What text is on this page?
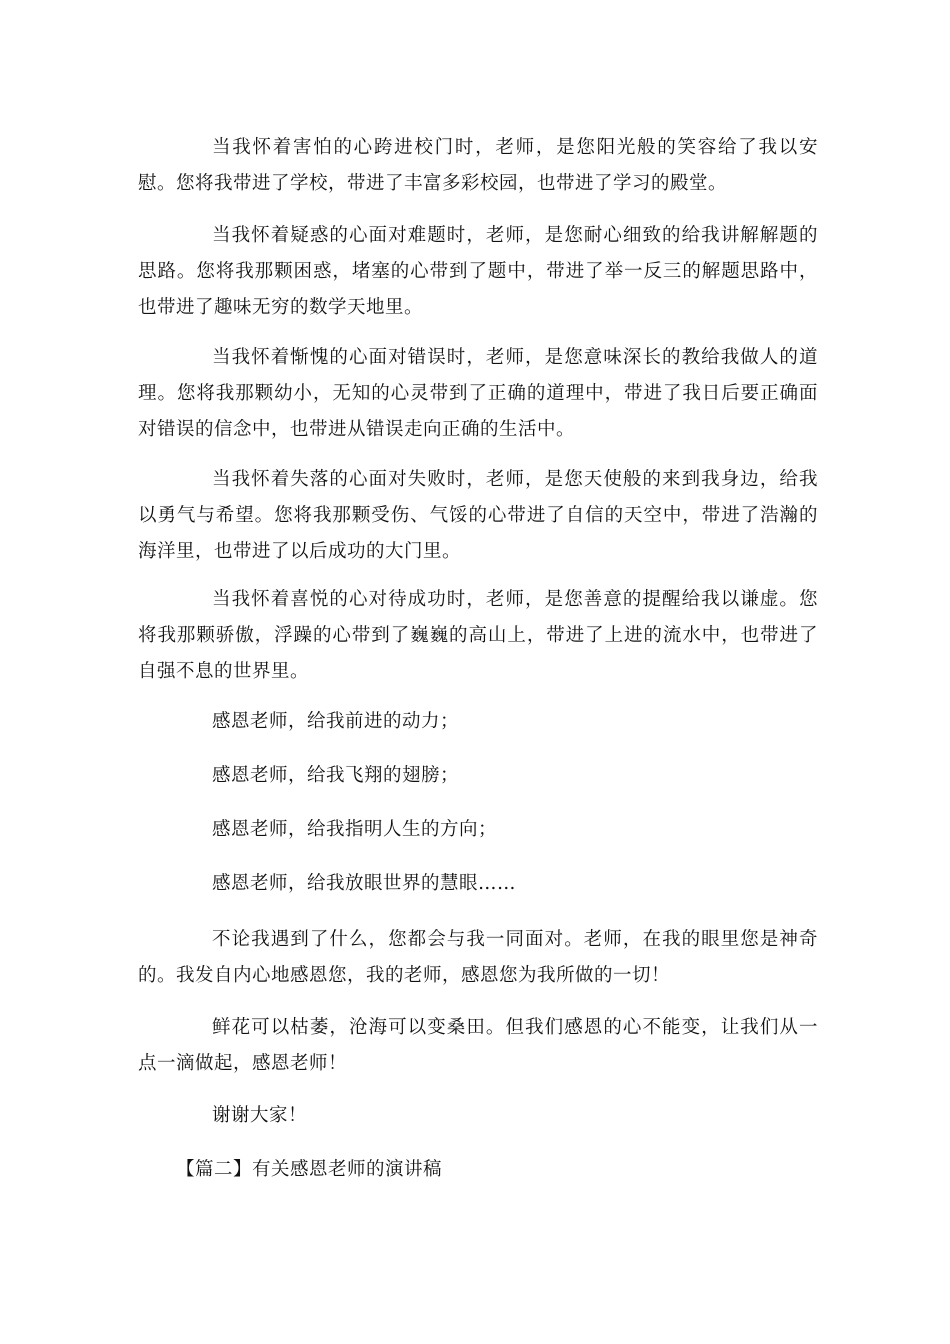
当我怀着害怕的心跨进校门时，老师，是您阳光般的笑容给了我以安慰。您将我带进了学校，带进了丰富多彩校园，也带进了学习的殿堂。

当我怀着疑惑的心面对难题时，老师，是您耐心细致的给我讲解解题的思路。您将我那颗困惑，堵塞的心带到了题中，带进了举一反三的解题思路中，也带进了趣味无穷的数学天地里。

当我怀着惭愧的心面对错误时，老师，是您意味深长的教给我做人的道理。您将我那颗幼小，无知的心灵带到了正确的道理中，带进了我日后要正确面对错误的信念中，也带进从错误走向正确的生活中。

当我怀着失落的心面对失败时，老师，是您天使般的来到我身边，给我以勇气与希望。您将我那颗受伤、气馁的心带进了自信的天空中，带进了浩瀚的海洋里，也带进了以后成功的大门里。

当我怀着喜悦的心对待成功时，老师，是您善意的提醒给我以谦虚。您将我那颗骄傲，浮躁的心带到了巍巍的高山上，带进了上进的流水中，也带进了自强不息的世界里。

感恩老师，给我前进的动力；

感恩老师，给我飞翔的翅膀；

感恩老师，给我指明人生的方向；

感恩老师，给我放眼世界的慧眼……

不论我遇到了什么，您都会与我一同面对。老师，在我的眼里您是神奇的。我发自内心地感恩您，我的老师，感恩您为我所做的一切！

鲜花可以枯萎，沧海可以变桑田。但我们感恩的心不能变，让我们从一点一滴做起，感恩老师！

谢谢大家！

【篇二】有关感恩老师的演讲稿
